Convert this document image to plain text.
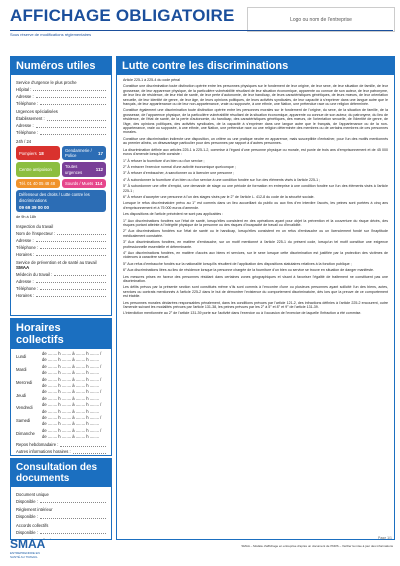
AFFICHAGE OBLIGATOIRE	Logo ou nom de l'entreprise
Sous réserve de modifications réglementaires
Numéros utiles
Service d'urgence le plus proche
Hôpital :
Adresse :
Téléphone :
Urgences spécialisées
Établissement :
Adresse :
Téléphone :
24h / 24
Pompiers 18
Gendarmerie / Police
17
Centre antipoison
Toutes urgences
112
Tél. 01 40 05 48 48 Sourds / Muets 114
Défenseur des droits / Lutte contre les discriminations
09 69 39 00 00
de 9h à 18h
Inspection du travail
Nom de l'inspecteur :
Adresse :
Téléphone :
Horaires :
Service de prévention et de santé au travail
SMAA
Médecin du travail :
Adresse :
Téléphone :
Horaires :
Horaires collectifs
Lundi
de ........ h ........ à ........ h ........ / de ........ h ........ à ........ h ........
Mardi
de ........ h ........ à ........ h ........ / de ........ h ........ à ........ h ........
Mercredi
de ........ h ........ à ........ h ........ / de ........ h ........ à ........ h ........
Jeudi
de ........ h ........ à ........ h ........ / de ........ h ........ à ........ h ........
Vendredi
de ........ h ........ à ........ h ........ / de ........ h ........ à ........ h ........
Samedi
de ........ h ........ à ........ h ........ / de ........ h ........ à ........ h ........
Dimanche
de ........ h ........ à ........ h ........ / de ........ h ........ à ........ h ........
Repos hebdomadaire :
Autres informations horaires :
Consultation des documents
Document unique
Disponible :
Règlement intérieur
Disponible :
Accords collectifs
Disponible :
Lutte contre les discriminations

Article 225-1 à 225-4 du code pénal

Constitue une discrimination toute distinction opérée entre les personnes physiques sur le fondement de leur origine, de leur sexe, de leur situation de famille, de leur grossesse, de leur apparence physique, de la particulière vulnérabilité résultant de leur situation économique, apparente ou connue de son auteur, de leur patronyme, de leur lieu de résidence, de leur état de santé, de leur perte d'autonomie, de leur handicap, de leurs caractéristiques génétiques, de leurs mœurs, de leur orientation sexuelle, de leur identité de genre, de leur âge, de leurs opinions politiques, de leurs activités syndicales, de leur capacité à s'exprimer dans une langue autre que le français, de leur appartenance ou de leur non-appartenance, vraie ou supposée, à une ethnie, une Nation, une prétendue race ou une religion déterminée.

Constitue également une discrimination toute distinction opérée entre les personnes morales sur le fondement de l'origine, du sexe, de la situation de famille, de la grossesse, de l'apparence physique, de la particulière vulnérabilité résultant de la situation économique, apparente ou connue de son auteur, du patronyme, du lieu de résidence, de l'état de santé, de la perte d'autonomie, du handicap, des caractéristiques génétiques, des mœurs, de l'orientation sexuelle, de l'identité de genre, de l'âge, des opinions politiques, des activités syndicales, de la capacité à s'exprimer dans une langue autre que le français, de l'appartenance ou de la non-appartenance, vraie ou supposée, à une ethnie, une Nation, une prétendue race ou une religion déterminée des membres ou de certains membres de ces personnes morales.

Constitue une discrimination indirecte une disposition, un critère ou une pratique neutre en apparence, mais susceptible d'entraîner, pour l'un des motifs mentionnés au premier alinéa, un désavantage particulier pour des personnes par rapport à d'autres personnes.

La discrimination définie aux articles 225-1 à 225-1-2, commise à l'égard d'une personne physique ou morale, est punie de trois ans d'emprisonnement et de 45 000 euros d'amende lorsqu'elle consiste :

1° À refuser la fourniture d'un bien ou d'un service ;

2° À entraver l'exercice normal d'une activité économique quelconque ;

3° À refuser d'embaucher, à sanctionner ou à licencier une personne ;

4° À subordonner la fourniture d'un bien ou d'un service à une condition fondée sur l'un des éléments visés à l'article 225-1 ;

5° À subordonner une offre d'emploi, une demande de stage ou une période de formation en entreprise à une condition fondée sur l'un des éléments visés à l'article 225-1 ;

6° À refuser d'accepter une personne à l'un des stages visés par le 2° de l'article L. 412-8 du code de la sécurité sociale.

Lorsque le refus discriminatoire prévu au 1° est commis dans un lieu accueillant du public ou aux fins d'en interdire l'accès, les peines sont portées à cinq ans d'emprisonnement et à 75 000 euros d'amende.

Les dispositions de l'article précédent ne sont pas applicables :

1° Aux discriminations fondées sur l'état de santé, lorsqu'elles consistent en des opérations ayant pour objet la prévention et la couverture du risque décès, des risques portant atteinte à l'intégrité physique de la personne ou des risques d'incapacité de travail ou d'invalidité.

2° Aux discriminations fondées sur l'état de santé ou le handicap, lorsqu'elles consistent en un refus d'embauche ou un licenciement fondé sur l'inaptitude médicalement constatée.

3° Aux discriminations fondées, en matière d'embauche, sur un motif mentionné à l'article 225-1 du présent code, lorsqu'un tel motif constitue une exigence professionnelle essentielle et déterminante.

4° Aux discriminations fondées, en matière d'accès aux biens et services, sur le sexe lorsque cette discrimination est justifiée par la protection des victimes de violences à caractère sexuel.

5° Aux refus d'embauche fondés sur la nationalité lorsqu'ils résultent de l'application des dispositions statutaires relatives à la fonction publique ;

6° Aux discriminations liées au lieu de résidence lorsque la personne chargée de la fourniture d'un bien ou service se trouve en situation de danger manifeste.

Les mesures prises en faveur des personnes résidant dans certaines zones géographiques et visant à favoriser l'égalité de traitement ne constituent pas une discrimination.

Les délits prévus par la présente section sont constitués même s'ils sont commis à l'encontre d'une ou plusieurs personnes ayant sollicité l'un des biens, actes, services ou contrats mentionnés à l'article 225-2 dans le but de démontrer l'existence du comportement discriminatoire, dès lors que la preuve de ce comportement est établie.

Les personnes morales déclarées responsables pénalement, dans les conditions prévues par l'article 121-2, des infractions définies à l'article 225-2 encourent, outre l'amende suivant les modalités prévues par l'article 131-38, les peines prévues par les 2° à 5° et 8° et 9° de l'article 131-39.

L'interdiction mentionnée au 2° de l'article 131-39 porte sur l'activité dans l'exercice ou à l'occasion de l'exercice de laquelle l'infraction a été commise.

SMAA
ENTREPRENDRE EN SANTÉ AU TRAVAIL
SMAA – Modèle d'affichage en entreprise d'après un document de l'INRS – Vérifier la mise à jour des informations
Page 1/1
